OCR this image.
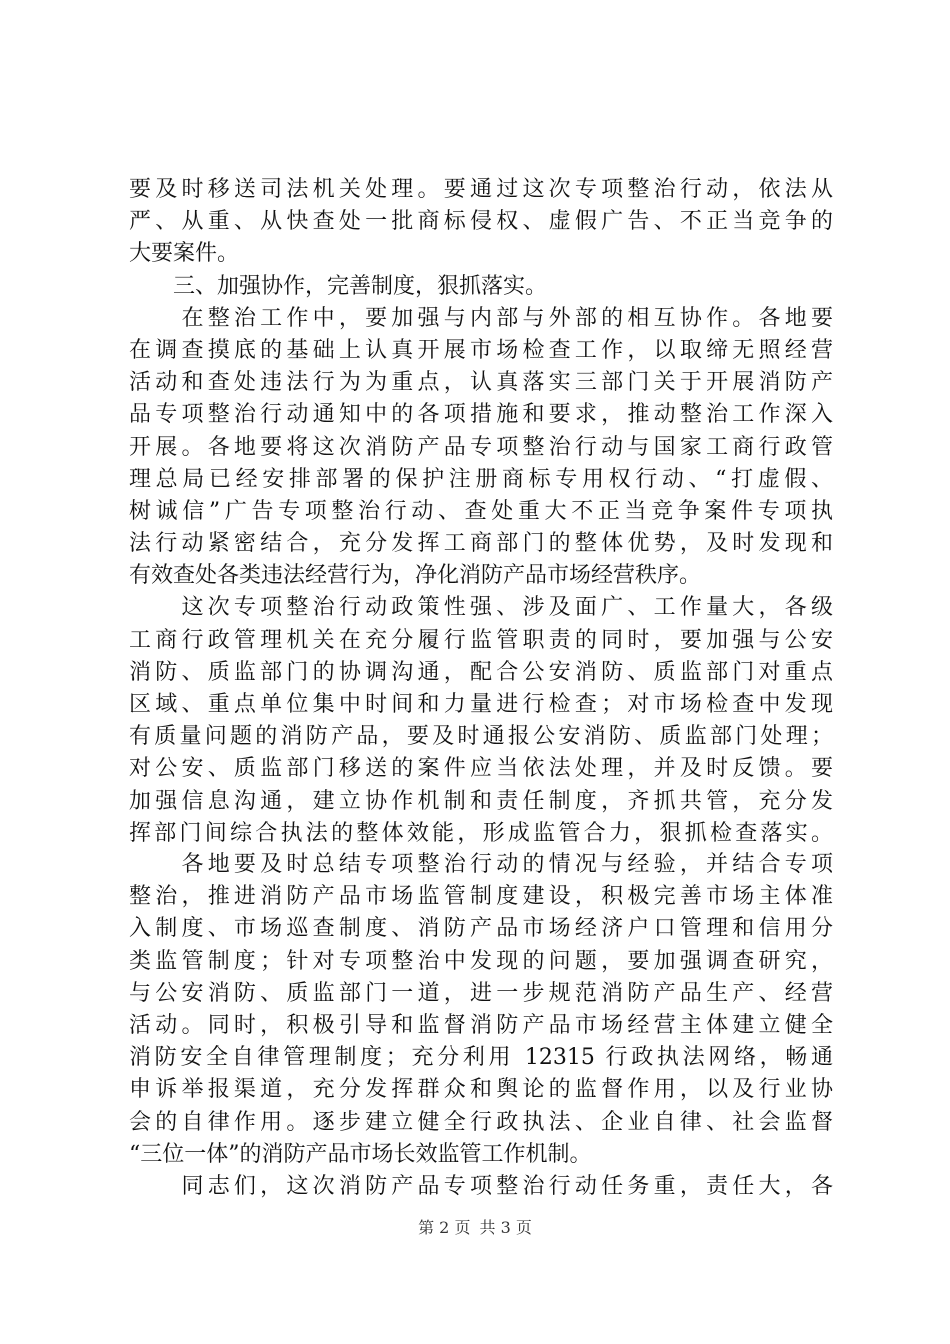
要及时移送司法机关处理。要通过这次专项整治行动，依法从
严、从重、从快查处一批商标侵权、虚假广告、不正当竞争的
大要案件。
　　三、加强协作，完善制度，狠抓落实。
　　在整治工作中，要加强与内部与外部的相互协作。各地要
在调查摸底的基础上认真开展市场检查工作，以取缔无照经营
活动和查处违法行为为重点，认真落实三部门关于开展消防产
品专项整治行动通知中的各项措施和要求，推动整治工作深入
开展。各地要将这次消防产品专项整治行动与国家工商行政管
理总局已经安排部署的保护注册商标专用权行动、“打虚假、
树诚信”广告专项整治行动、查处重大不正当竞争案件专项执
法行动紧密结合，充分发挥工商部门的整体优势，及时发现和
有效查处各类违法经营行为，净化消防产品市场经营秩序。
　　这次专项整治行动政策性强、涉及面广、工作量大，各级
工商行政管理机关在充分履行监管职责的同时，要加强与公安
消防、质监部门的协调沟通，配合公安消防、质监部门对重点
区域、重点单位集中时间和力量进行检查；对市场检查中发现
有质量问题的消防产品，要及时通报公安消防、质监部门处理；
对公安、质监部门移送的案件应当依法处理，并及时反馈。要
加强信息沟通，建立协作机制和责任制度，齐抓共管，充分发
挥部门间综合执法的整体效能，形成监管合力，狠抓检查落实。
　　各地要及时总结专项整治行动的情况与经验，并结合专项
整治，推进消防产品市场监管制度建设，积极完善市场主体准
入制度、市场巡查制度、消防产品市场经济户口管理和信用分
类监管制度；针对专项整治中发现的问题，要加强调查研究，
与公安消防、质监部门一道，进一步规范消防产品生产、经营
活动。同时，积极引导和监督消防产品市场经营主体建立健全
消防安全自律管理制度；充分利用 12315 行政执法网络，畅通
申诉举报渠道，充分发挥群众和舆论的监督作用，以及行业协
会的自律作用。逐步建立健全行政执法、企业自律、社会监督
“三位一体”的消防产品市场长效监管工作机制。
　　同志们，这次消防产品专项整治行动任务重，责任大，各
第 2 页 共 3 页
